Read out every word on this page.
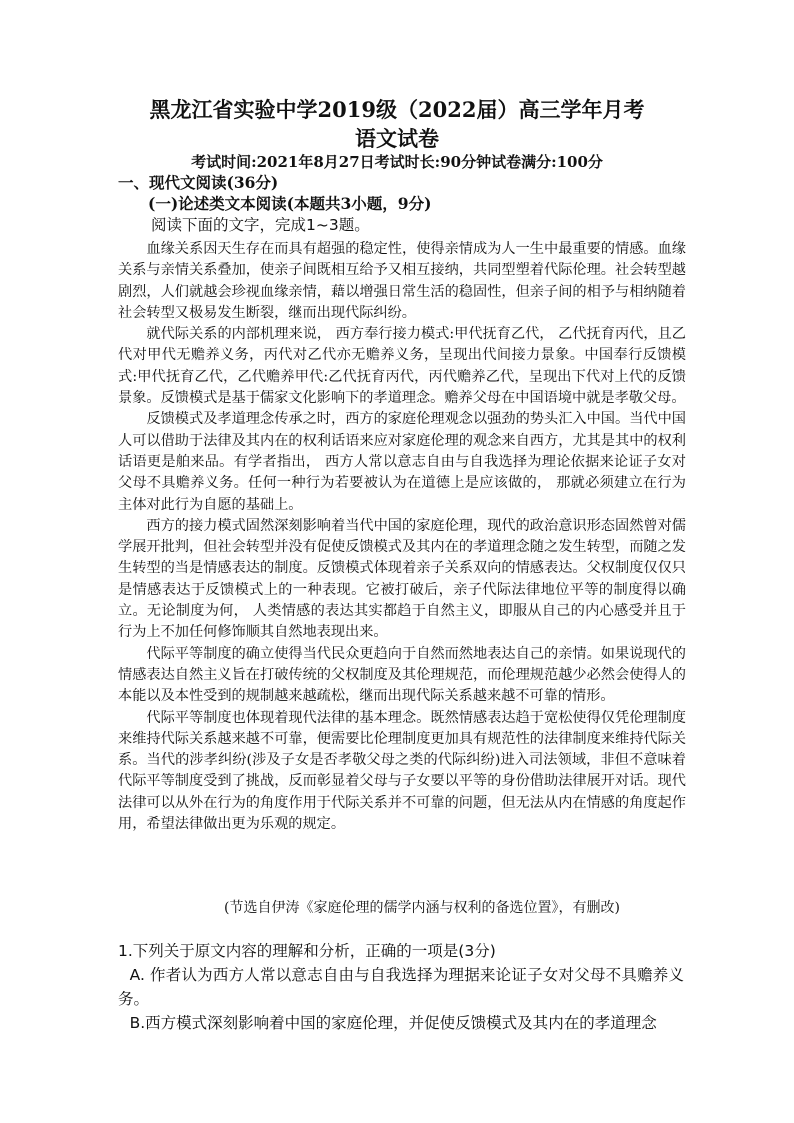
黑龙江省实验中学2019级（2022届）高三学年月考
语文试卷
考试时间:2021年8月27日考试时长:90分钟试卷满分:100分
一、现代文阅读(36分)
(一)论述类文本阅读(本题共3小题，9分)
阅读下面的文字，完成1~3题。

血缘关系因天生存在而具有超强的稳定性，使得亲情成为人一生中最重要的情感。血缘关系与亲情关系叠加，使亲子间既相互给予又相互接纳，共同型塑着代际伦理。社会转型越剧烈，人们就越会珍视血缘亲情，藉以增强日常生活的稳固性，但亲子间的相予与相纳随着社会转型又极易发生断裂，继而出现代际纠纷。

就代际关系的内部机理来说， 西方奉行接力模式:甲代抚育乙代， 乙代抚育丙代，且乙代对甲代无赡养义务，丙代对乙代亦无赡养义务，呈现出代间接力景象。中国奉行反馈模式:甲代抚育乙代，乙代赡养甲代:乙代抚育丙代，丙代赡养乙代，呈现出下代对上代的反馈景象。反馈模式是基于儒家文化影响下的孝道理念。赡养父母在中国语境中就是孝敬父母。

反馈模式及孝道理念传承之时，西方的家庭伦理观念以强劲的势头汇入中国。当代中国人可以借助于法律及其内在的权利话语来应对家庭伦理的观念来自西方，尤其是其中的权利话语更是舶来品。有学者指出， 西方人常以意志自由与自我选择为理论依据来论证子女对父母不具赡养义务。任何一种行为若要被认为在道德上是应该做的， 那就必须建立在行为主体对此行为自愿的基础上。

西方的接力模式固然深刻影响着当代中国的家庭伦理，现代的政治意识形态固然曾对儒学展开批判，但社会转型并没有促使反馈模式及其内在的孝道理念随之发生转型，而随之发生转型的当是情感表达的制度。反馈模式体现着亲子关系双向的情感表达。父权制度仅仅只是情感表达于反馈模式上的一种表现。它被打破后，亲子代际法律地位平等的制度得以确立。无论制度为何， 人类情感的表达其实都趋于自然主义，即服从自己的内心感受并且于行为上不加任何修饰顺其自然地表现出来。

代际平等制度的确立使得当代民众更趋向于自然而然地表达自己的亲情。如果说现代的情感表达自然主义旨在打破传统的父权制度及其伦理规范，而伦理规范越少必然会使得人的本能以及本性受到的规制越来越疏松，继而出现代际关系越来越不可靠的情形。

代际平等制度也体现着现代法律的基本理念。既然情感表达趋于宽松使得仅凭伦理制度来维持代际关系越来越不可靠，便需要比伦理制度更加具有规范性的法律制度来维持代际关系。当代的涉孝纠纷(涉及子女是否孝敬父母之类的代际纠纷)进入司法领域，非但不意味着代际平等制度受到了挑战，反而彰显着父母与子女要以平等的身份借助法律展开对话。现代法律可以从外在行为的角度作用于代际关系并不可靠的问题，但无法从内在情感的角度起作用，希望法律做出更为乐观的规定。

(节选自伊涛《家庭伦理的儒学内涵与权利的备选位置》，有删改)
1.下列关于原文内容的理解和分析，正确的一项是(3分)
A. 作者认为西方人常以意志自由与自我选择为理据来论证子女对父母不具赡养义务。
B.西方模式深刻影响着中国的家庭伦理，并促使反馈模式及其内在的孝道理念
